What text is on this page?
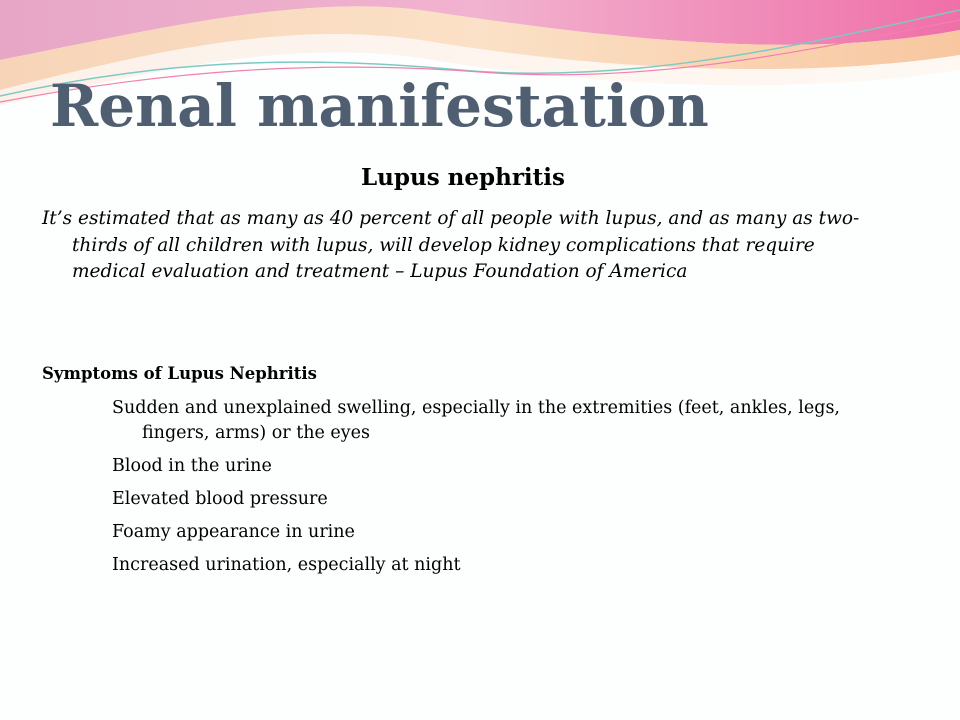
Renal manifestation
Lupus nephritis

It’s estimated that as many as 40 percent of all people with lupus, and as many as two-thirds of all children with lupus, will develop kidney complications that require medical evaluation and treatment – Lupus Foundation of America

Symptoms of Lupus Nephritis

Sudden and unexplained swelling, especially in the extremities (feet, ankles, legs, fingers, arms) or the eyes
Blood in the urine
Elevated blood pressure
Foamy appearance in urine
Increased urination, especially at night
